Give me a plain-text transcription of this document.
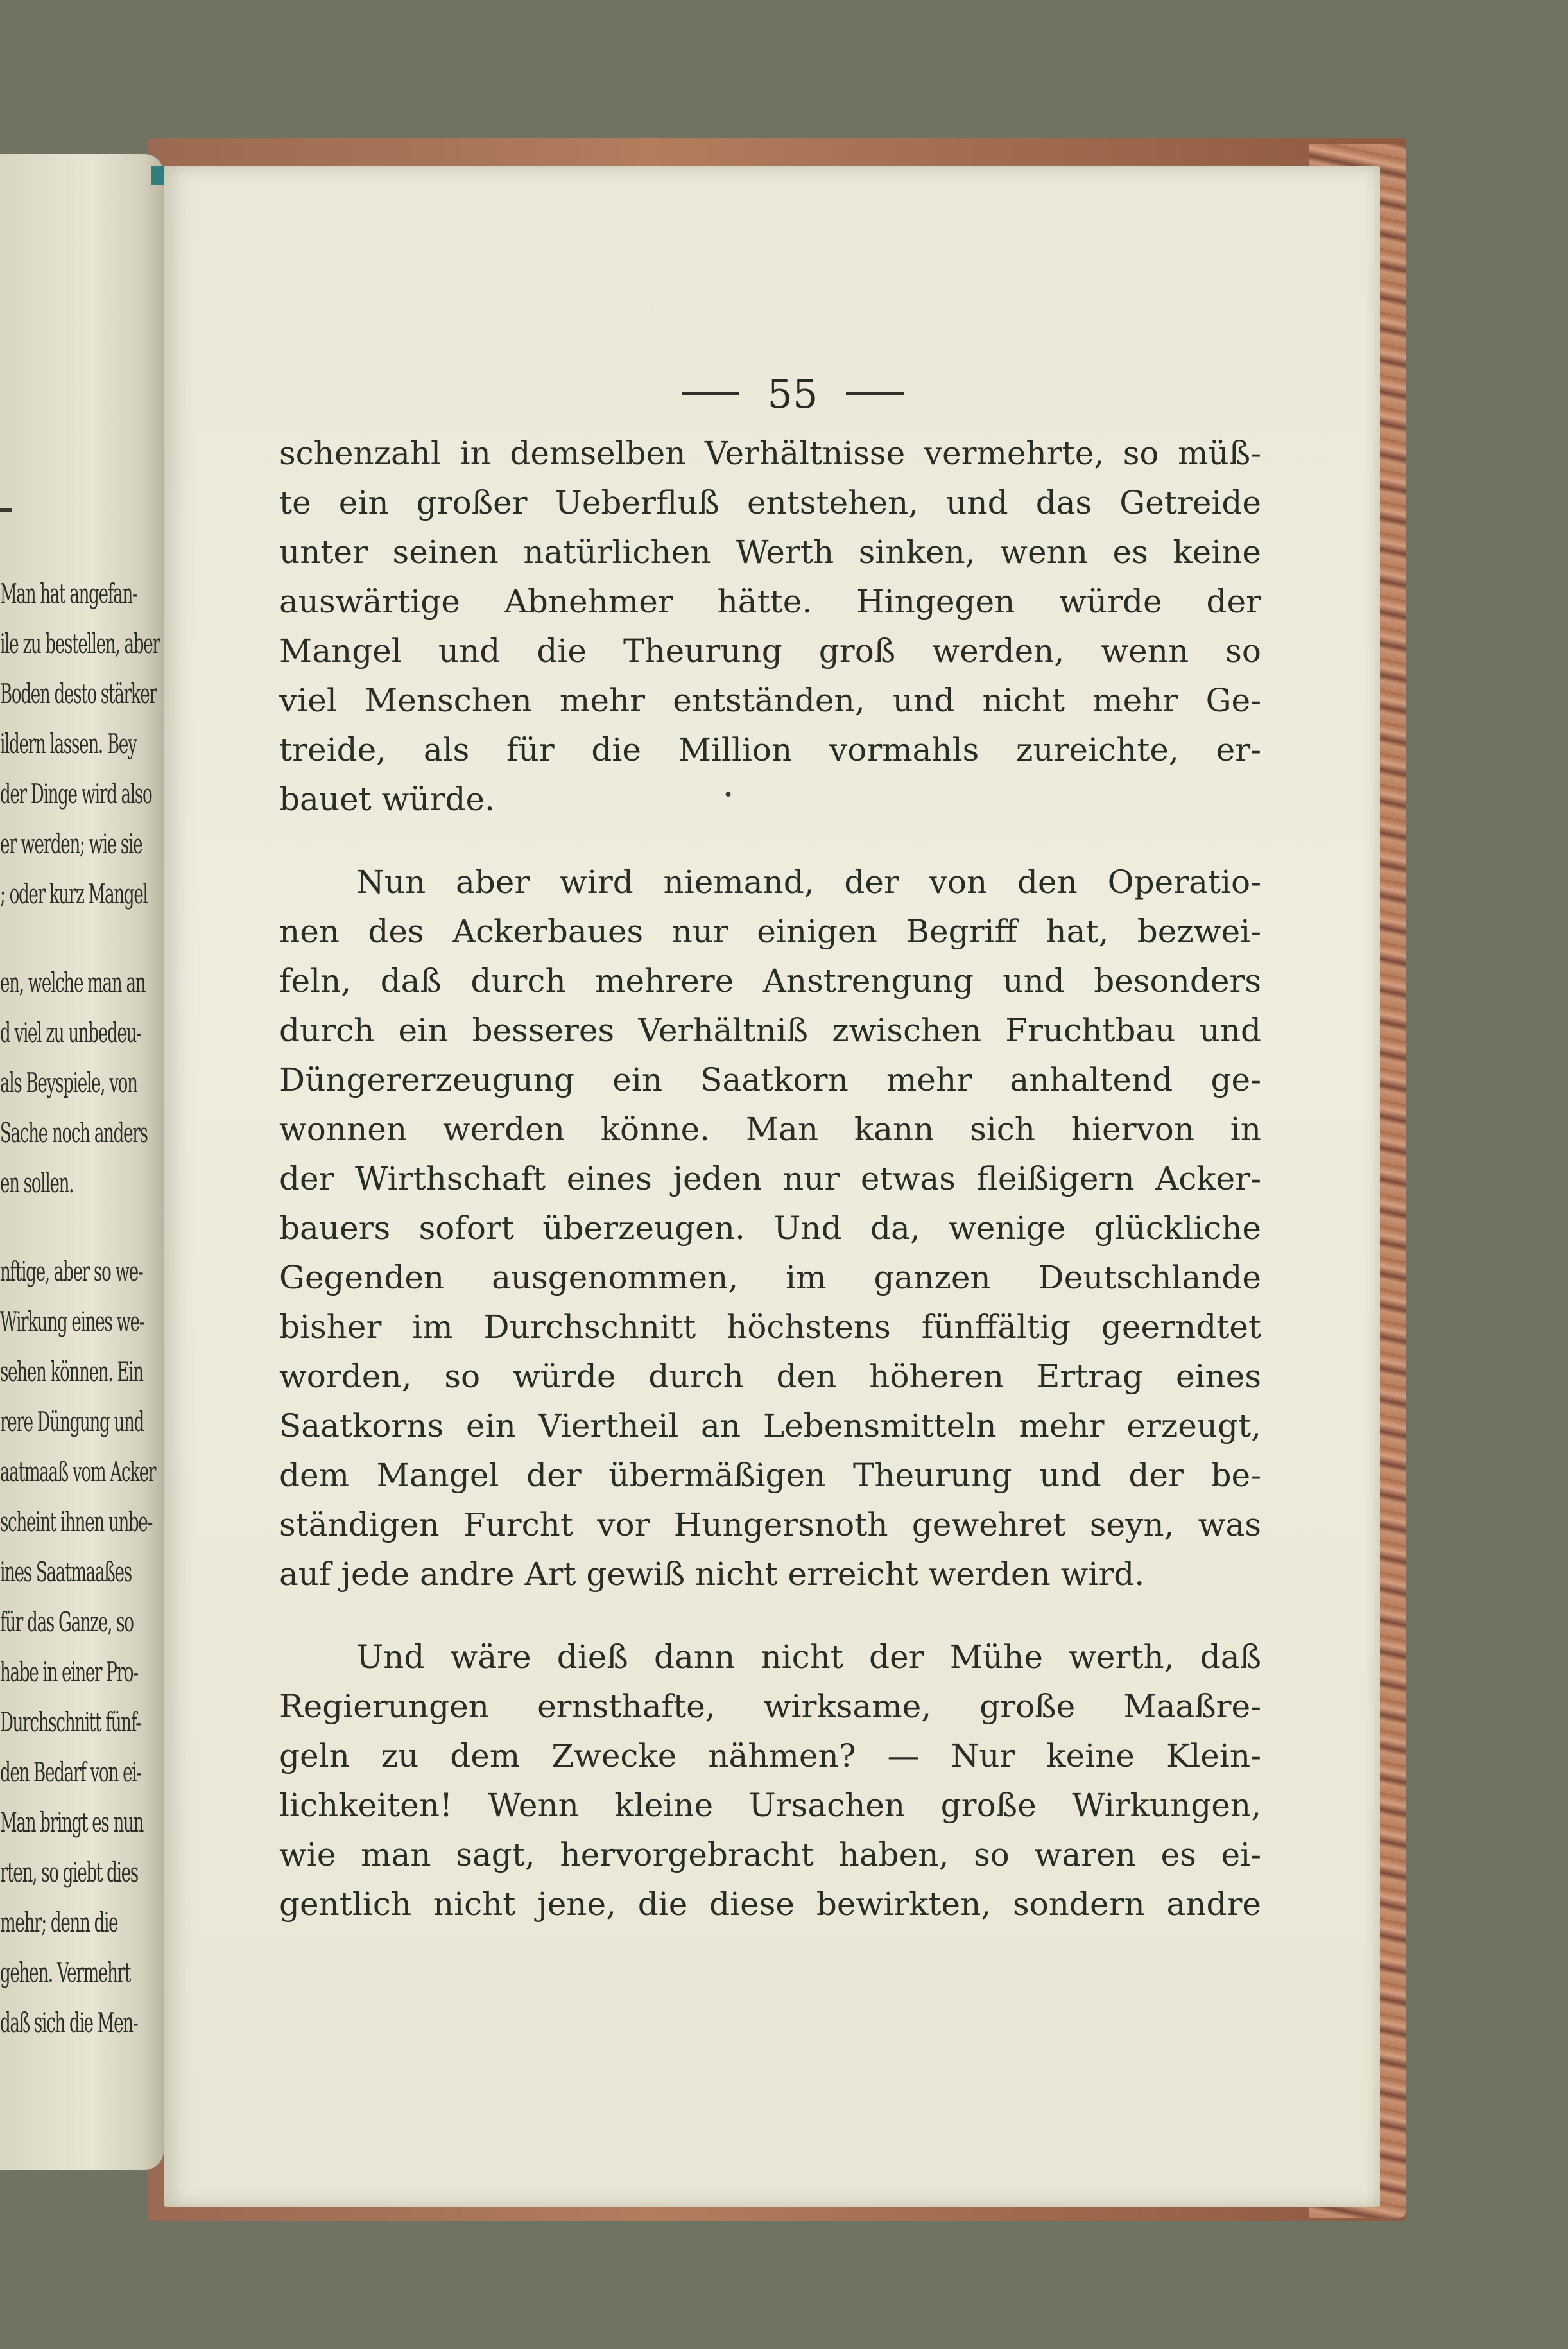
Man hat angefan-
ile zu bestellen, aber
Boden desto stärker
ildern lassen. Bey
der Dinge wird also
er werden; wie sie
; oder kurz Mangel
en, welche man an
d viel zu unbedeu-
als Beyspiele, von
Sache noch anders
en sollen.
nftige, aber so we-
Wirkung eines we-
sehen können. Ein
rere Düngung und
aatmaaß vom Acker
scheint ihnen unbe-
ines Saatmaaßes
für das Ganze, so
habe in einer Pro-
Durchschnitt fünf-
den Bedarf von ei-
Man bringt es nun
rten, so giebt dies
mehr; denn die
gehen. Vermehrt
daß sich die Men-
55
schenzahl in demselben Verhältnisse vermehrte, so müß-
te ein großer Ueberfluß entstehen, und das Getreide
unter seinen natürlichen Werth sinken, wenn es keine
auswärtige Abnehmer hätte. Hingegen würde der
Mangel und die Theurung groß werden, wenn so
viel Menschen mehr entständen, und nicht mehr Ge-
treide, als für die Million vormahls zureichte, er-
bauet würde.
Nun aber wird niemand, der von den Operatio-
nen des Ackerbaues nur einigen Begriff hat, bezwei-
feln, daß durch mehrere Anstrengung und besonders
durch ein besseres Verhältniß zwischen Fruchtbau und
Düngererzeugung ein Saatkorn mehr anhaltend ge-
wonnen werden könne. Man kann sich hiervon in
der Wirthschaft eines jeden nur etwas fleißigern Acker-
bauers sofort überzeugen. Und da, wenige glückliche
Gegenden ausgenommen, im ganzen Deutschlande
bisher im Durchschnitt höchstens fünffältig geerndtet
worden, so würde durch den höheren Ertrag eines
Saatkorns ein Viertheil an Lebensmitteln mehr erzeugt,
dem Mangel der übermäßigen Theurung und der be-
ständigen Furcht vor Hungersnoth gewehret seyn, was
auf jede andre Art gewiß nicht erreicht werden wird.
Und wäre dieß dann nicht der Mühe werth, daß
Regierungen ernsthafte, wirksame, große Maaßre-
geln zu dem Zwecke nähmen? — Nur keine Klein-
lichkeiten! Wenn kleine Ursachen große Wirkungen,
wie man sagt, hervorgebracht haben, so waren es ei-
gentlich nicht jene, die diese bewirkten, sondern andre
·
